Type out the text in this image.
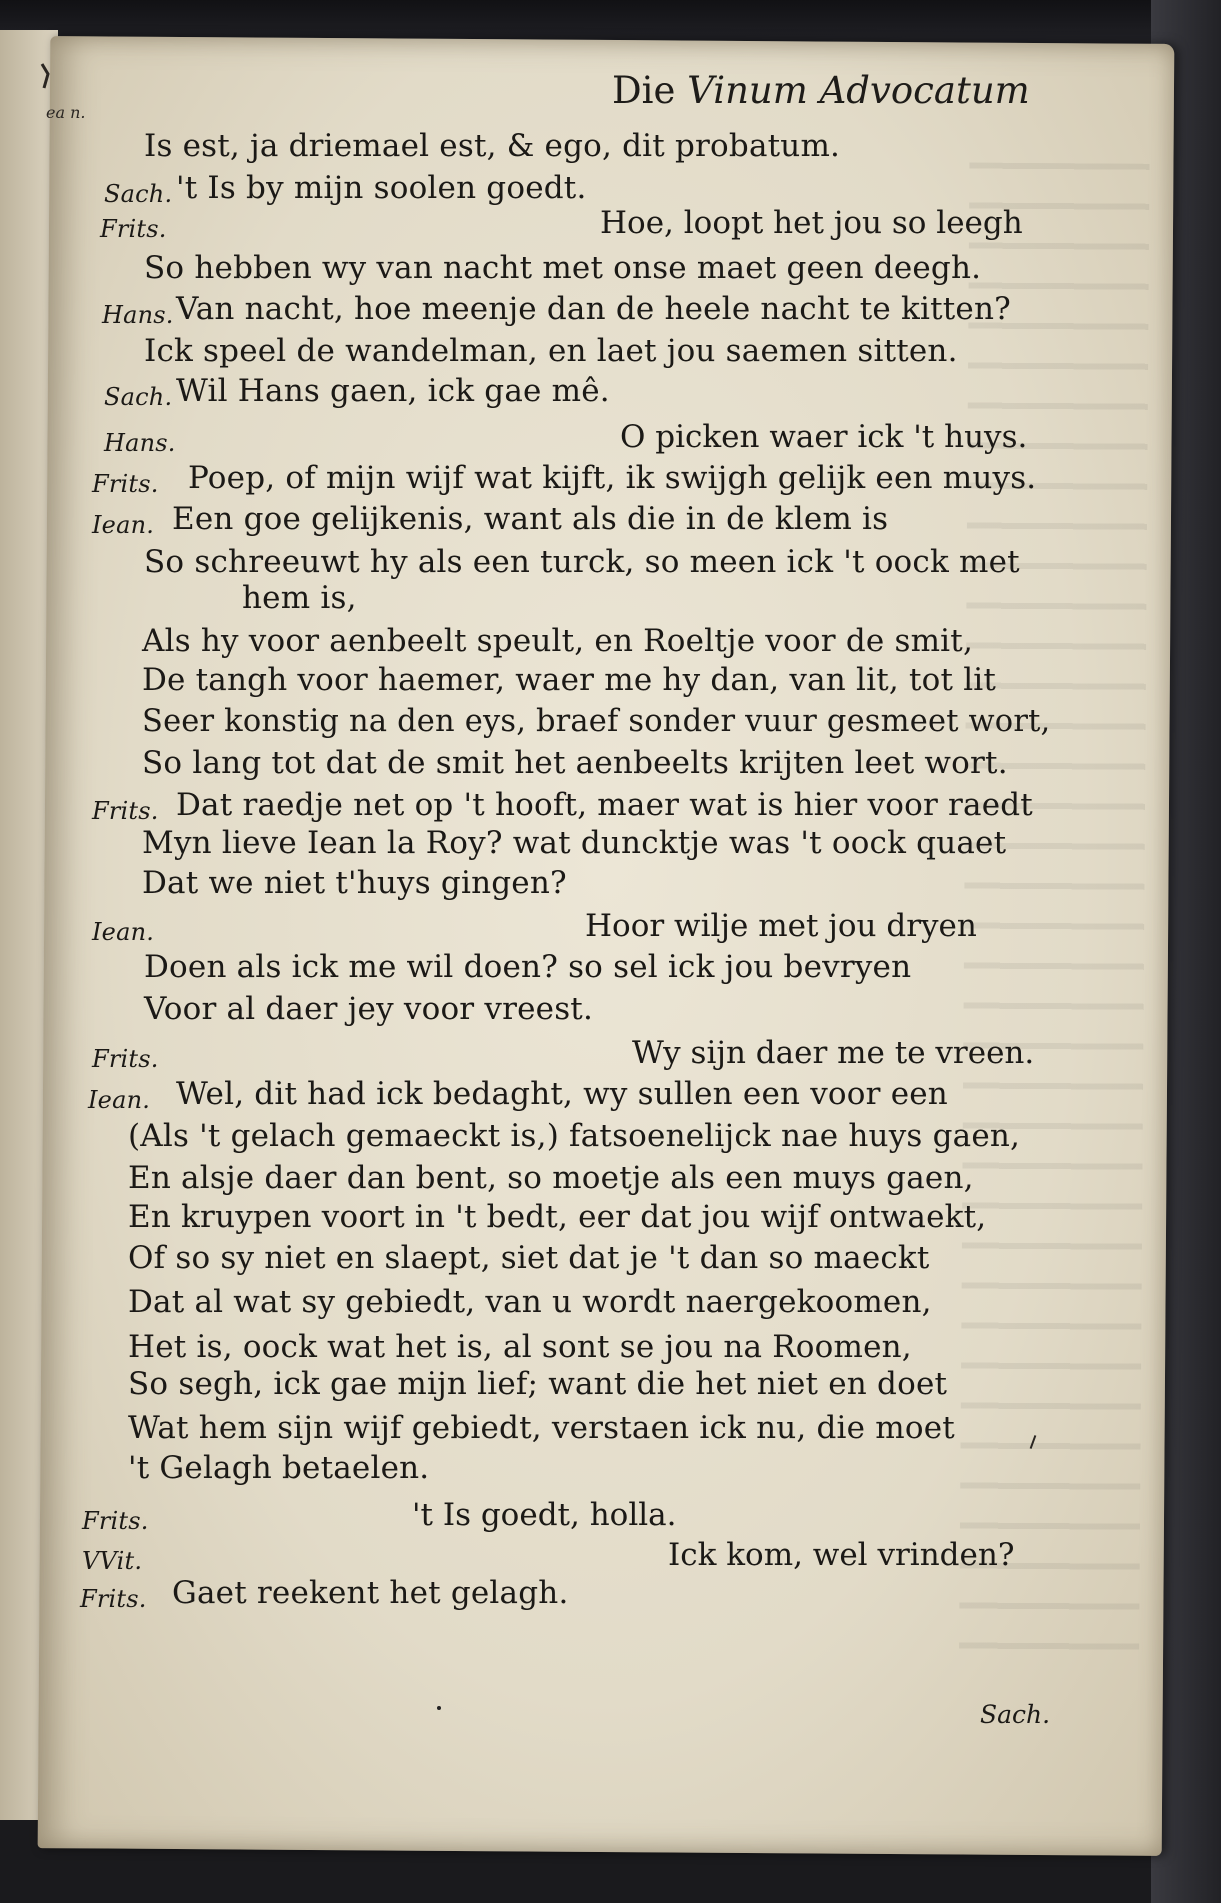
Die Vinum Advocatum
ea n.
Is est, ja driemael est, & ego, dit probatum.
Sach. 't Is by mijn soolen goedt.
Frits.	Hoe, loopt het jou so leegh
So hebben wy van nacht met onse maet geen deegh.
Hans. Van nacht, hoe meenje dan de heele nacht te kitten?
Ick speel de wandelman, en laet jou saemen sitten.
Sach. Wil Hans gaen, ick gae mê.
Hans.	O picken waer ick 't huys.
Frits. Poep, of mijn wijf wat kijft, ik swijgh gelijk een muys.
Iean. Een goe gelijkenis, want als die in de klem is
So schreeuwt hy als een turck, so meen ick 't oock met
hem is,
Als hy voor aenbeelt speult, en Roeltje voor de smit,
De tangh voor haemer, waer me hy dan, van lit, tot lit
Seer konstig na den eys, braef sonder vuur gesmeet wort,
So lang tot dat de smit het aenbeelts krijten leet wort.
Frits. Dat raedje net op 't hooft, maer wat is hier voor raedt
Myn lieve Iean la Roy? wat duncktje was 't oock quaet
Dat we niet t'huys gingen?
Iean.	Hoor wilje met jou dryen
Doen als ick me wil doen? so sel ick jou bevryen
Voor al daer jey voor vreest.
Frits.	Wy sijn daer me te vreen.
Iean. Wel, dit had ick bedaght, wy sullen een voor een
(Als 't gelach gemaeckt is,) fatsoenelijck nae huys gaen,
En alsje daer dan bent, so moetje als een muys gaen,
En kruypen voort in 't bedt, eer dat jou wijf ontwaekt,
Of so sy niet en slaept, siet dat je 't dan so maeckt
Dat al wat sy gebiedt, van u wordt naergekoomen,
Het is, oock wat het is, al sont se jou na Roomen,
So segh, ick gae mijn lief; want die het niet en doet
Wat hem sijn wijf gebiedt, verstaen ick nu, die moet
't Gelagh betaelen.
Frits.	't Is goedt, holla.
VVit.	Ick kom, wel vrinden?
Frits. Gaet reekent het gelagh.
Sach.
